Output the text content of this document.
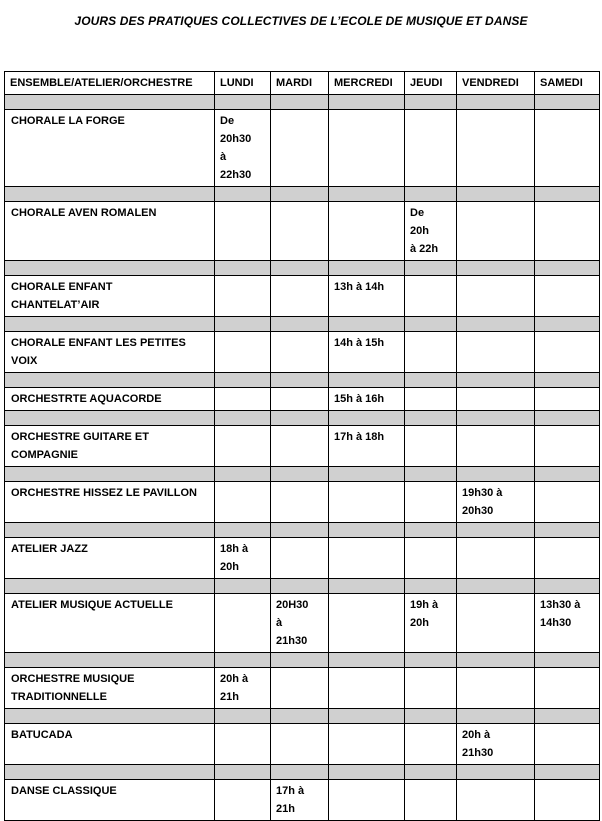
JOURS DES PRATIQUES COLLECTIVES DE L’ECOLE DE MUSIQUE ET DANSE
ENSEMBLE/ATELIER/ORCHESTRE	LUNDI	MARDI	MERCREDI	JEUDI	VENDREDI	SAMEDI

CHORALE LA FORGE	De
20h30
à
22h30					

CHORALE AVEN ROMALEN				De
20h
à 22h		

CHORALE ENFANT
CHANTELAT’AIR			13h à 14h			

CHORALE ENFANT LES PETITES
VOIX			14h à 15h			

ORCHESTRTE AQUACORDE			15h à 16h			

ORCHESTRE GUITARE ET
COMPAGNIE			17h à 18h			

ORCHESTRE HISSEZ LE PAVILLON					19h30 à
20h30	

ATELIER JAZZ	18h à
20h					

ATELIER MUSIQUE ACTUELLE		20H30
à
21h30		19h à
20h		13h30 à
14h30

ORCHESTRE MUSIQUE
TRADITIONNELLE	20h à
21h					

BATUCADA					20h à
21h30	

DANSE CLASSIQUE		17h à
21h				
